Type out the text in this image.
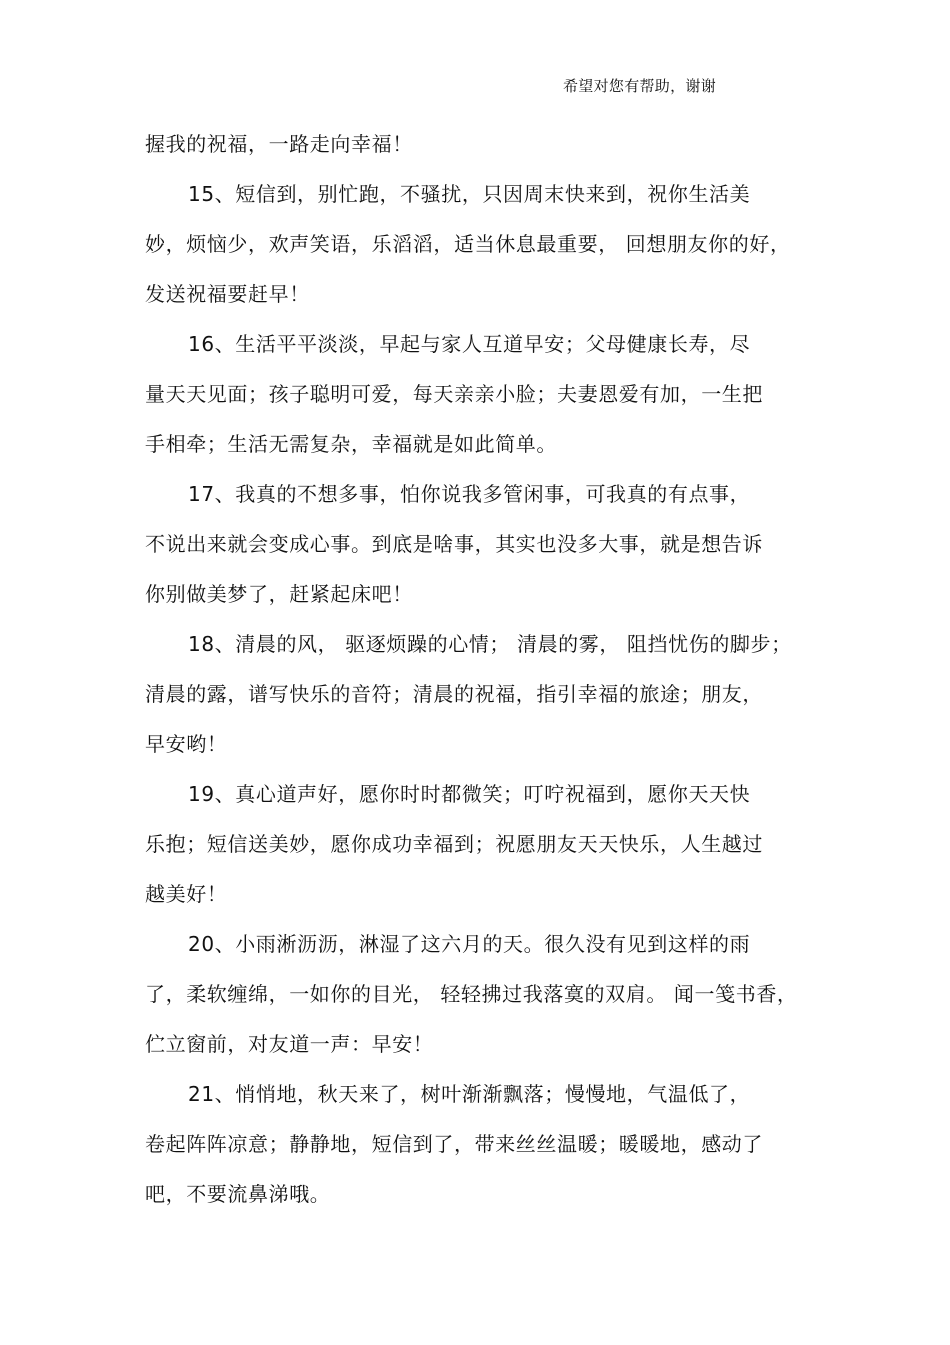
希望对您有帮助，谢谢
握我的祝福，一路走向幸福！
15、短信到，别忙跑，不骚扰，只因周末快来到，祝你生活美
妙，烦恼少，欢声笑语，乐滔滔，适当休息最重要， 回想朋友你的好，
发送祝福要赶早！
16、生活平平淡淡，早起与家人互道早安；父母健康长寿，尽
量天天见面；孩子聪明可爱，每天亲亲小脸；夫妻恩爱有加，一生把
手相牵；生活无需复杂，幸福就是如此简单。
17、我真的不想多事，怕你说我多管闲事，可我真的有点事，
不说出来就会变成心事。到底是啥事，其实也没多大事，就是想告诉
你别做美梦了，赶紧起床吧！
18、清晨的风， 驱逐烦躁的心情； 清晨的雾， 阻挡忧伤的脚步；
清晨的露，谱写快乐的音符；清晨的祝福，指引幸福的旅途；朋友，
早安哟！
19、真心道声好，愿你时时都微笑；叮咛祝福到，愿你天天快
乐抱；短信送美妙，愿你成功幸福到；祝愿朋友天天快乐，人生越过
越美好！
20、小雨淅沥沥，淋湿了这六月的天。很久没有见到这样的雨
了，柔软缠绵，一如你的目光， 轻轻拂过我落寞的双肩。 闻一笺书香，
伫立窗前，对友道一声：早安！
21、悄悄地，秋天来了，树叶渐渐飘落；慢慢地，气温低了，
卷起阵阵凉意；静静地，短信到了，带来丝丝温暖；暖暖地，感动了
吧，不要流鼻涕哦。
